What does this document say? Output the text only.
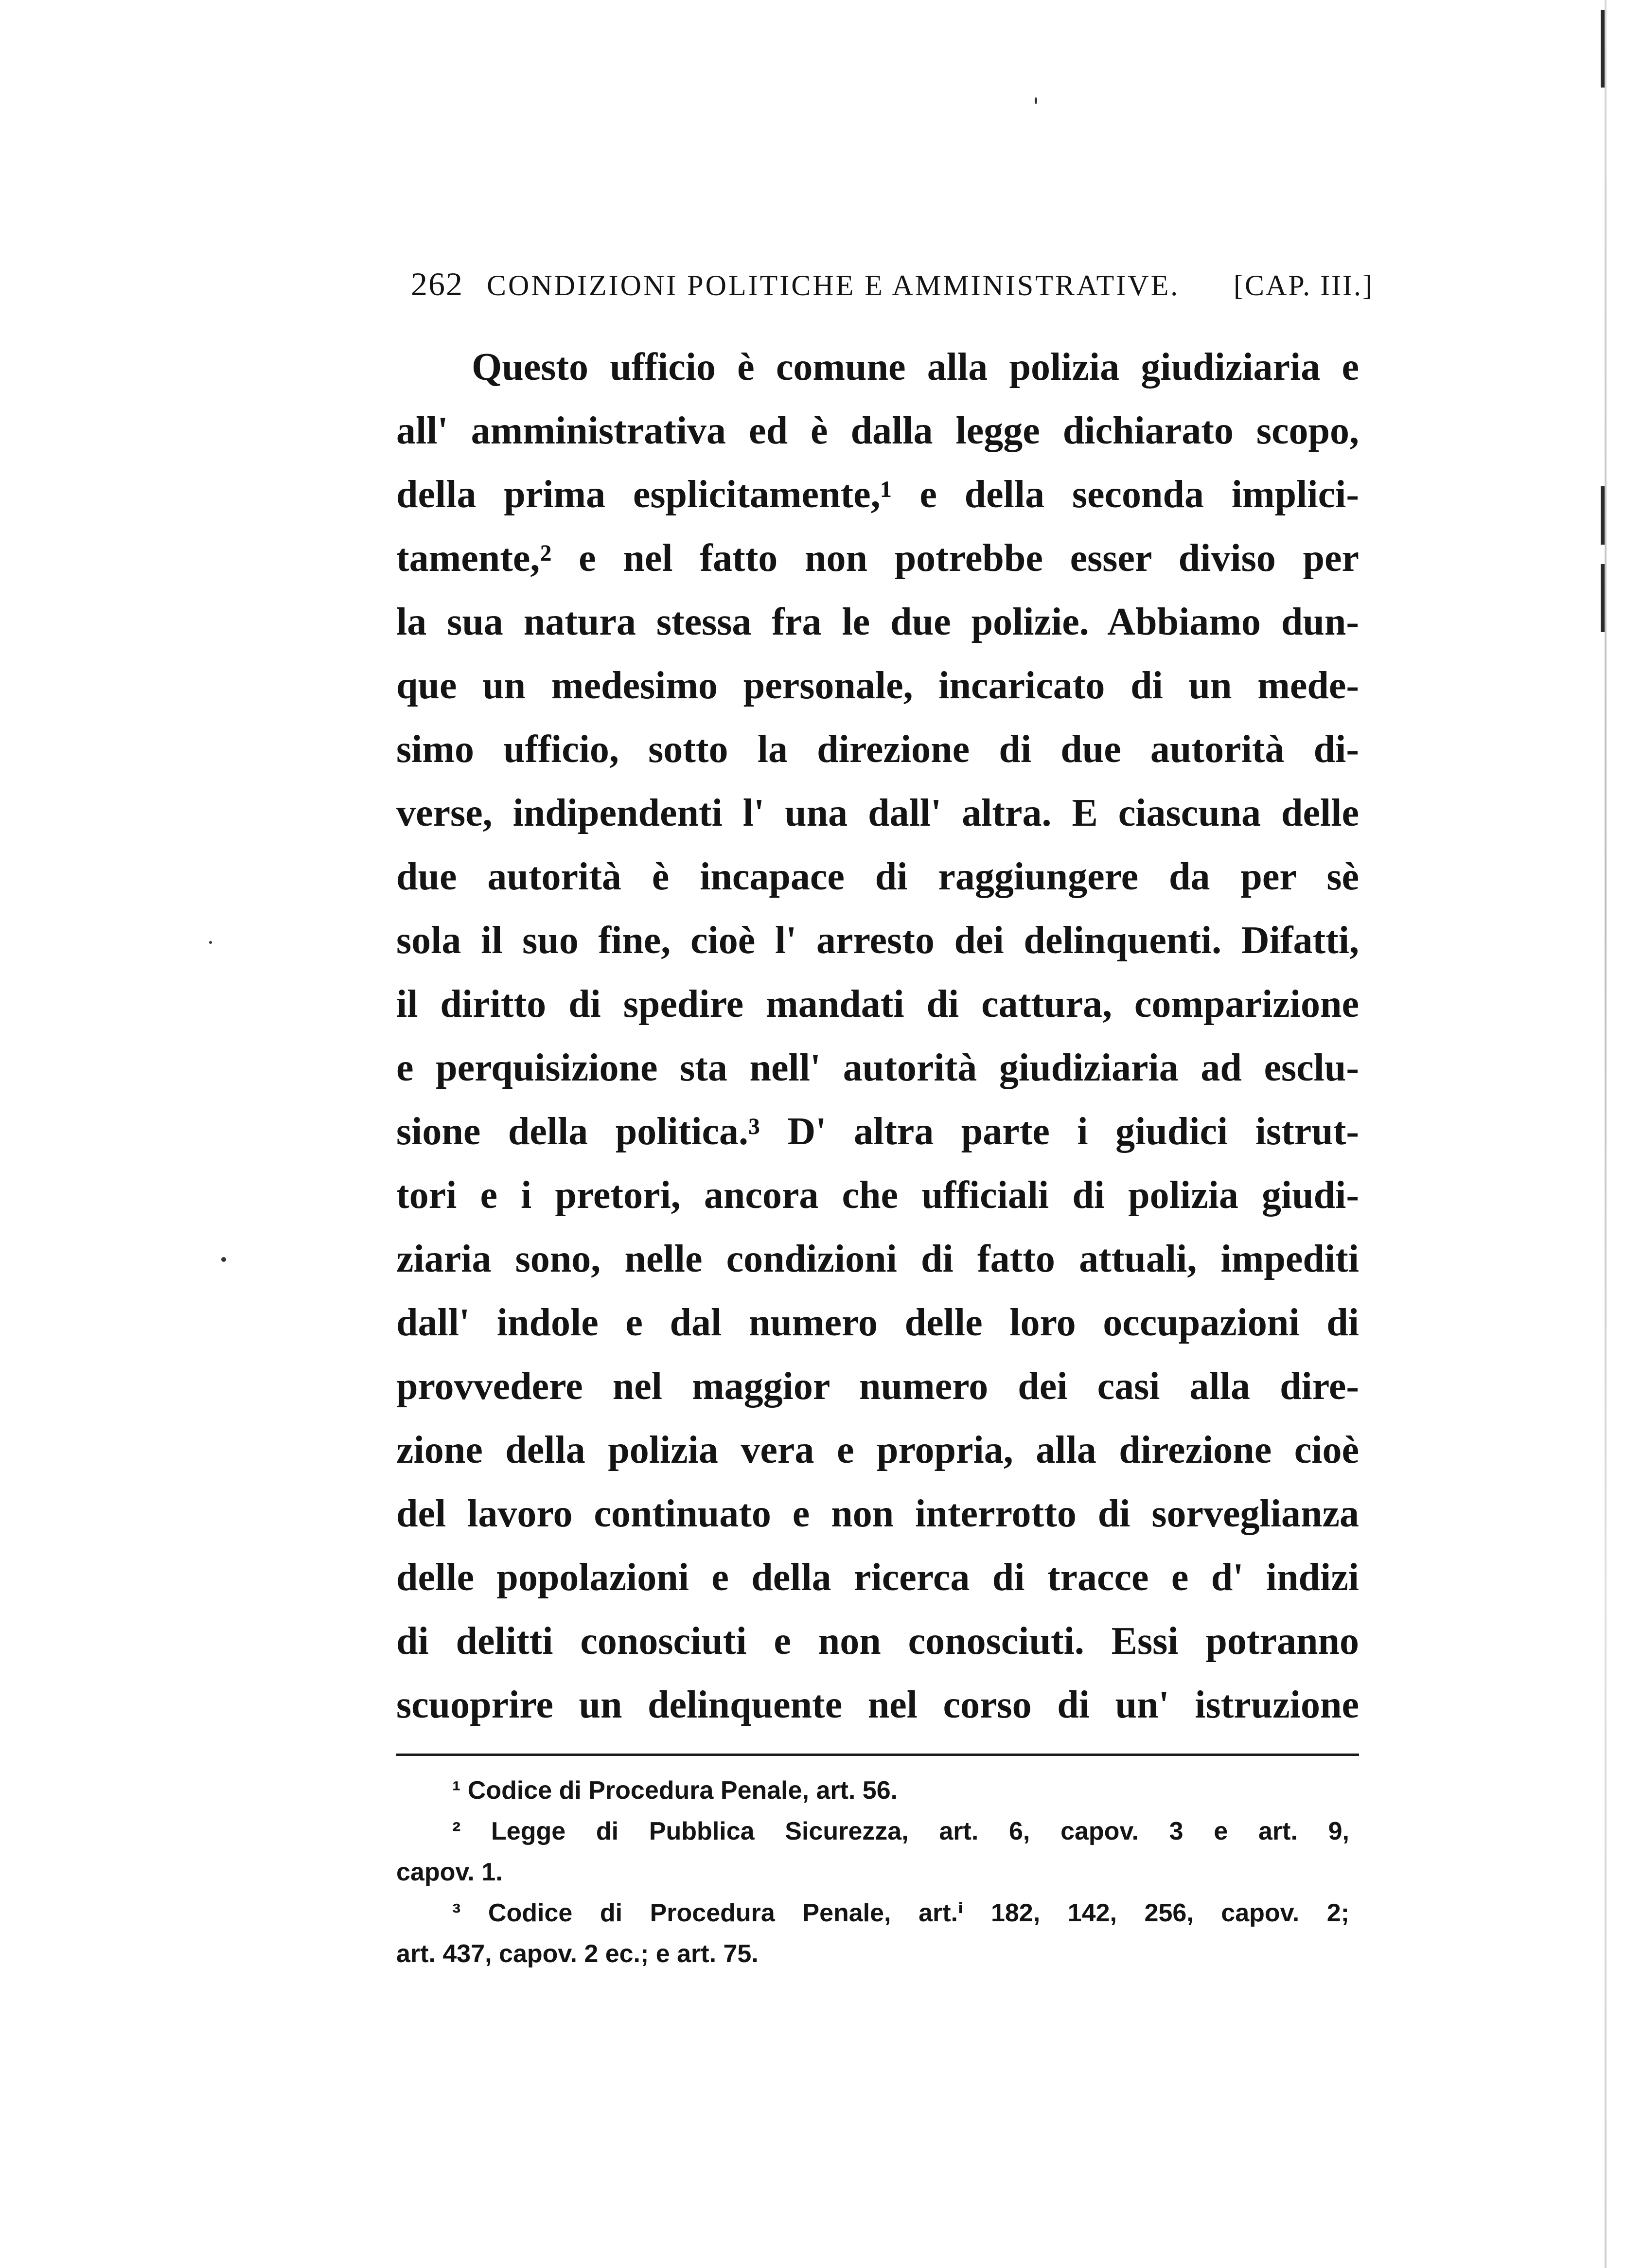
262 CONDIZIONI POLITICHE E AMMINISTRATIVE. [CAP. III.]
Questo ufficio è comune alla polizia giudiziaria e
all' amministrativa ed è dalla legge dichiarato scopo,
della prima esplicitamente,¹ e della seconda implici-
tamente,² e nel fatto non potrebbe esser diviso per
la sua natura stessa fra le due polizie. Abbiamo dun-
que un medesimo personale, incaricato di un mede-
simo ufficio, sotto la direzione di due autorità di-
verse, indipendenti l' una dall' altra. E ciascuna delle
due autorità è incapace di raggiungere da per sè
sola il suo fine, cioè l' arresto dei delinquenti. Difatti,
il diritto di spedire mandati di cattura, comparizione
e perquisizione sta nell' autorità giudiziaria ad esclu-
sione della politica.³ D' altra parte i giudici istrut-
tori e i pretori, ancora che ufficiali di polizia giudi-
ziaria sono, nelle condizioni di fatto attuali, impediti
dall' indole e dal numero delle loro occupazioni di
provvedere nel maggior numero dei casi alla dire-
zione della polizia vera e propria, alla direzione cioè
del lavoro continuato e non interrotto di sorveglianza
delle popolazioni e della ricerca di tracce e d' indizi
di delitti conosciuti e non conosciuti. Essi potranno
scuoprire un delinquente nel corso di un' istruzione
¹ Codice di Procedura Penale, art. 56.
² Legge di Pubblica Sicurezza, art. 6, capov. 3 e art. 9,
capov. 1.
³ Codice di Procedura Penale, art.ⁱ 182, 142, 256, capov. 2;
art. 437, capov. 2 ec.; e art. 75.
